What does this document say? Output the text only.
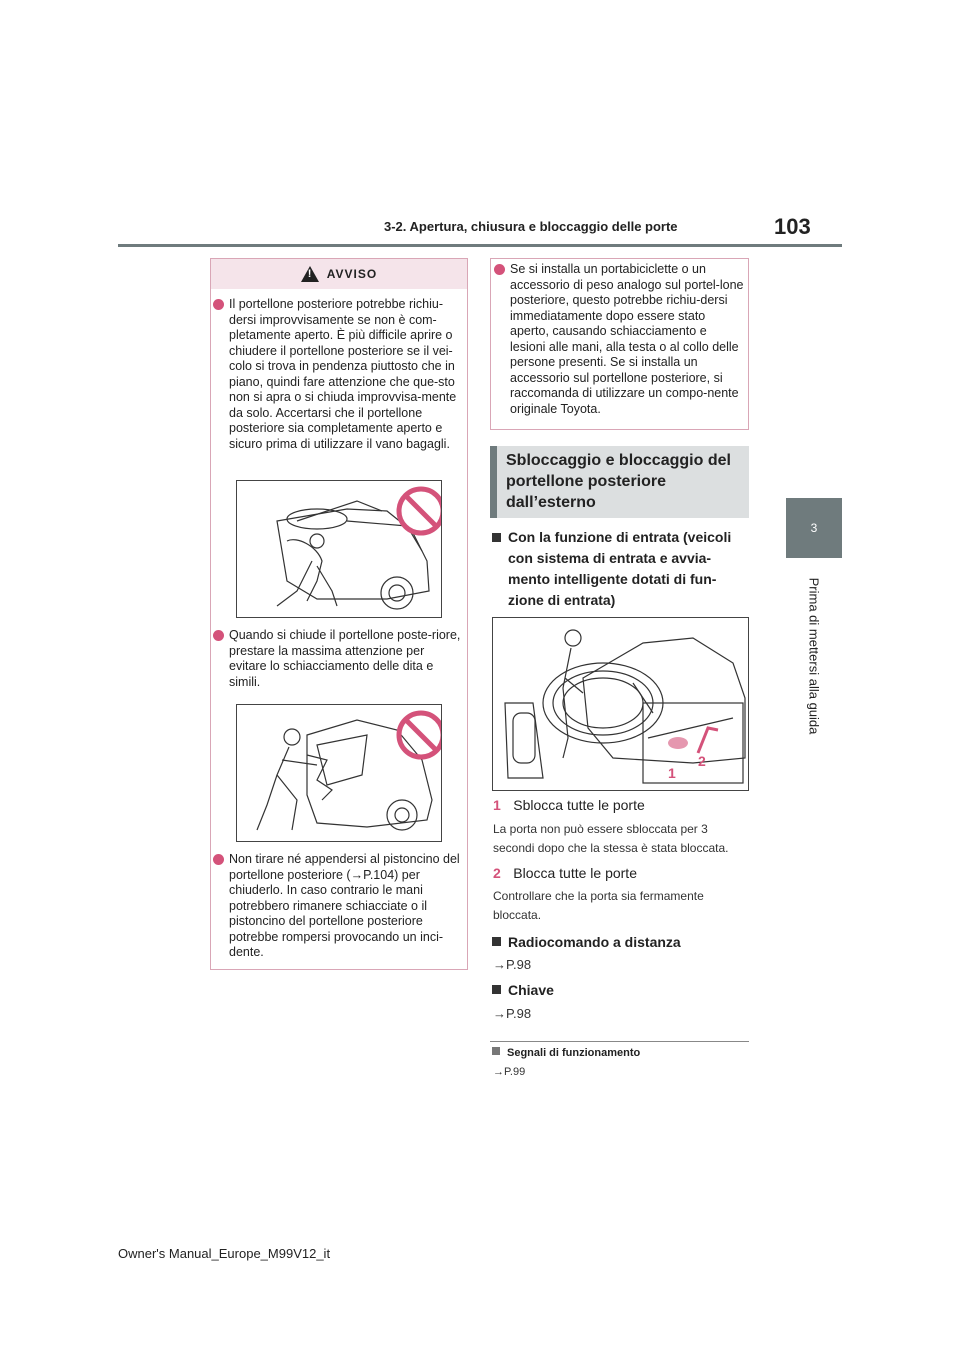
3-2. Apertura, chiusura e bloccaggio delle porte	103
3
Prima di mettersi alla guida
!
AVVISO
Il portellone posteriore potrebbe richiu-dersi improvvisamente se non è com-pletamente aperto. È più difficile aprire o chiudere il portellone posteriore se il vei-colo si trova in pendenza piuttosto che in piano, quindi fare attenzione che que-sto non si apra o si chiuda improvvisa-mente da solo. Accertarsi che il portellone posteriore sia completamente aperto e sicuro prima di utilizzare il vano bagagli.
Quando si chiude il portellone poste-riore, prestare la massima attenzione per evitare lo schiacciamento delle dita e simili.
Non tirare né appendersi al pistoncino del portellone posteriore (→P.104) per chiuderlo. In caso contrario le mani potrebbero rimanere schiacciate o il pistoncino del portellone posteriore potrebbe rompersi provocando un inci-dente.
Se si installa un portabiciclette o un accessorio di peso analogo sul portel-lone posteriore, questo potrebbe richiu-dersi immediatamente dopo essere stato aperto, causando schiacciamento e lesioni alle mani, alla testa o al collo delle persone presenti. Se si installa un accessorio sul portellone posteriore, si raccomanda di utilizzare un compo-nente originale Toyota.
Sbloccaggio e bloccaggio del portellone posteriore dall’esterno
Con la funzione di entrata (veicoli con sistema di entrata e avvia-mento intelligente dotati di fun-zione di entrata)
1
2
1 Sblocca tutte le porte
La porta non può essere sbloccata per 3 secondi dopo che la stessa è stata bloccata.
2 Blocca tutte le porte
Controllare che la porta sia fermamente bloccata.
Radiocomando a distanza
→P.98
Chiave
→P.98
Segnali di funzionamento
→P.99
Owner's Manual_Europe_M99V12_it
